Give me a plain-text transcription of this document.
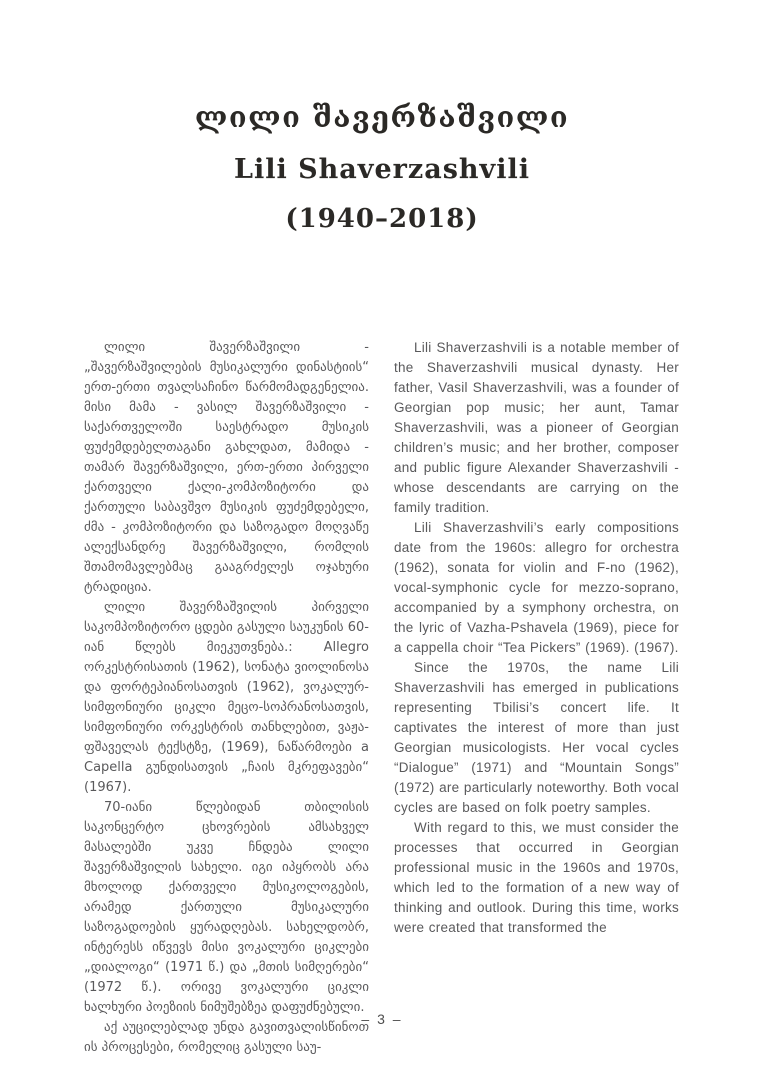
ლილი შავერზაშვილი
Lili Shaverzashvili
(1940–2018)

ლილი შავერზაშვილი - „შავერზაშვილების მუსიკალური დინასტიის“ ერთ-ერთი თვალსაჩინო წარმომადგენელია. მისი მამა - ვასილ შავერზაშვილი - საქართველოში საესტრადო მუსიკის ფუძემდებელთაგანი გახლდათ, მამიდა - თამარ შავერზაშვილი, ერთ-ერთი პირველი ქართველი ქალი-კომპოზიტორი და ქართული საბავშვო მუსიკის ფუძემდებელი, ძმა - კომპოზიტორი და საზოგადო მოღვაწე ალექსანდრე შავერზაშვილი, რომლის შთამომავლებმაც გააგრძელეს ოჯახური ტრადიცია.

ლილი შავერზაშვილის პირველი საკომპოზიტორო ცდები გასული საუკუნის 60-იან წლებს მიეკუთვნება.: Allegro ორკესტრისათის (1962), სონატა ვიოლინოსა და ფორტეპიანოსათვის (1962), ვოკალურ-სიმფონიური ციკლი მეცო-სოპრანოსათვის, სიმფონიური ორკესტრის თანხლებით, ვაჟა-ფშაველას ტექსტზე, (1969), ნაწარმოები a Capella გუნდისათვის „ჩაის მკრეფავები“ (1967).

70-იანი წლებიდან თბილისის საკონცერტო ცხოვრების ამსახველ მასალებში უკვე ჩნდება ლილი შავერზაშვილის სახელი. იგი იპყრობს არა მხოლოდ ქართველი მუსიკოლოგების, არამედ ქართული მუსიკალური საზოგადოების ყურადღებას. სახელდობრ, ინტერესს იწვევს მისი ვოკალური ციკლები „დიალოგი“ (1971 წ.) და „მთის სიმღერები“ (1972 წ.). ორივე ვოკალური ციკლი ხალხური პოეზიის ნიმუშებზეა დაფუძნებული.

აქ აუცილებლად უნდა გავითვალისწინოთ ის პროცესები, რომელიც გასული საუ-

Lili Shaverzashvili is a notable member of the Shaverzashvili musical dynasty. Her father, Vasil Shaverzashvili, was a founder of Georgian pop music; her aunt, Tamar Shaverzashvili, was a pioneer of Georgian children’s music; and her brother, composer and public figure Alexander Shaverzashvili - whose descendants are carrying on the family tradition.

Lili Shaverzashvili’s early compositions date from the 1960s: allegro for orchestra (1962), sonata for violin and F-no (1962), vocal-symphonic cycle for mezzo-soprano, accompanied by a symphony orchestra, on the lyric of Vazha-Pshavela (1969), piece for a cappella choir “Tea Pickers” (1969). (1967).

Since the 1970s, the name Lili Shaverzashvili has emerged in publications representing Tbilisi’s concert life. It captivates the interest of more than just Georgian musicologists. Her vocal cycles “Dialogue” (1971) and “Mountain Songs” (1972) are particularly noteworthy. Both vocal cycles are based on folk poetry samples.

With regard to this, we must consider the processes that occurred in Georgian professional music in the 1960s and 1970s, which led to the formation of a new way of thinking and outlook. During this time, works were created that transformed the

– 3 –
